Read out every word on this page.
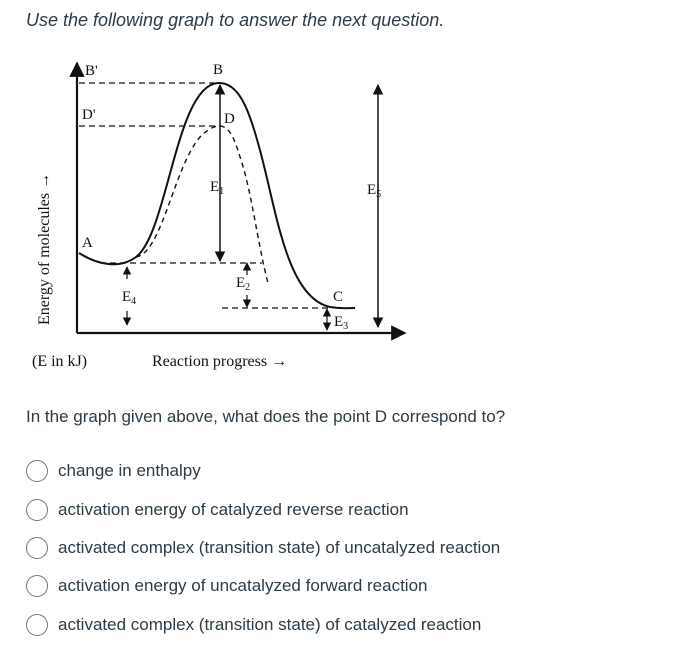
Use the following graph to answer the next question.

B'	B
D'	D
A
C
$E_1$
$E_2$
$E_3$
$E_4$
$E_5$
Energy of molecules →
(E in kJ)	Reaction progress →

In the graph given above, what does the point D correspond to?

change in enthalpy
activation energy of catalyzed reverse reaction
activated complex (transition state) of uncatalyzed reaction
activation energy of uncatalyzed forward reaction
activated complex (transition state) of catalyzed reaction
